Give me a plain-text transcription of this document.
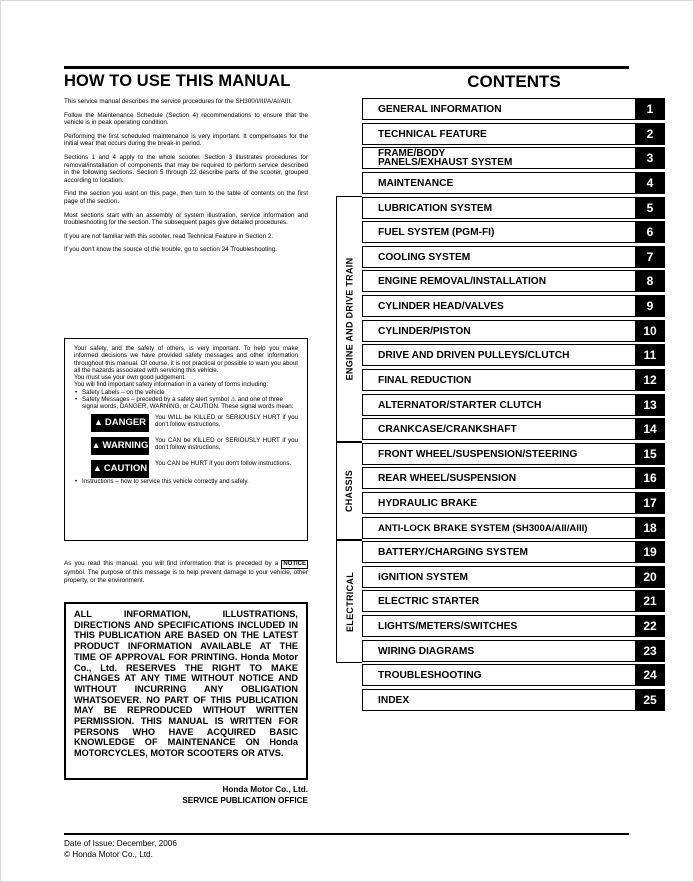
HOW TO USE THIS MANUAL

This service manual describes the service procedures for the SH300/I/III/A/AI/AIII.

Follow the Maintenance Schedule (Section 4) recommendations to ensure that the vehicle is in peak operating condition.

Performing the first scheduled maintenance is very important. It compensates for the initial wear that occurs during the break-in period.

Sections 1 and 4 apply to the whole scooter. Section 3 illustrates procedures for removal/installation of components that may be required to perform service described in the following sections. Section 5 through 22 describe parts of the scooter, grouped according to location.

Find the section you want on this page, then turn to the table of contents on the first page of the section.

Most sections start with an assembly or system illustration, service information and troubleshooting for the section. The subsequent pages give detailed procedures.

If you are not familiar with this scooter, read Technical Feature in Section 2.

If you don't know the source of the trouble, go to section 24 Troubleshooting.

Your safety, and the safety of others, is very important. To help you make informed decisions we have provided safety messages and other information throughout this manual. Of course, it is not practical or possible to warn you about all the hazards associated with servicing this vehicle.

You must use your own good judgement.

You will find important safety information in a variety of forms including:

• Safety Labels – on the vehicle
• Safety Messages – preceded by a safety alert symbol ⚠ and one of three signal words, DANGER, WARNING, or CAUTION. These signal words mean:
▲ DANGER You WILL be KILLED or SERIOUSLY HURT if you don't follow instructions.
▲ WARNING You CAN be KILLED or SERIOUSLY HURT if you don't follow instructions.
▲ CAUTION You CAN be HURT if you don't follow instructions.
• Instructions – how to service this vehicle correctly and safely.
As you read this manual, you will find information that is preceded by a NOTICE symbol. The purpose of this message is to help prevent damage to your vehicle, other property, or the environment.
ALL INFORMATION, ILLUSTRATIONS, DIRECTIONS AND SPECIFICATIONS INCLUDED IN THIS PUBLICATION ARE BASED ON THE LATEST PRODUCT INFORMATION AVAILABLE AT THE TIME OF APPROVAL FOR PRINTING. Honda Motor Co., Ltd. RESERVES THE RIGHT TO MAKE CHANGES AT ANY TIME WITHOUT NOTICE AND WITHOUT INCURRING ANY OBLIGATION WHATSOEVER. NO PART OF THIS PUBLICATION MAY BE REPRODUCED WITHOUT WRITTEN PERMISSION. THIS MANUAL IS WRITTEN FOR PERSONS WHO HAVE ACQUIRED BASIC KNOWLEDGE OF MAINTENANCE ON Honda MOTORCYCLES, MOTOR SCOOTERS OR ATVS.
Honda Motor Co., Ltd.
SERVICE PUBLICATION OFFICE
Date of Issue: December, 2006
© Honda Motor Co., Ltd.
CONTENTS
ENGINE AND DRIVE TRAIN
CHASSIS
ELECTRICAL
GENERAL INFORMATION	1
TECHNICAL FEATURE	2
FRAME/BODY PANELS/EXHAUST SYSTEM	3
MAINTENANCE	4
LUBRICATION SYSTEM	5
FUEL SYSTEM (PGM-FI)	6
COOLING SYSTEM	7
ENGINE REMOVAL/INSTALLATION	8
CYLINDER HEAD/VALVES	9
CYLINDER/PISTON	10
DRIVE AND DRIVEN PULLEYS/CLUTCH	11
FINAL REDUCTION	12
ALTERNATOR/STARTER CLUTCH	13
CRANKCASE/CRANKSHAFT	14
FRONT WHEEL/SUSPENSION/STEERING	15
REAR WHEEL/SUSPENSION	16
HYDRAULIC BRAKE	17
ANTI-LOCK BRAKE SYSTEM (SH300A/AII/AIII)	18
BATTERY/CHARGING SYSTEM	19
IGNITION SYSTEM	20
ELECTRIC STARTER	21
LIGHTS/METERS/SWITCHES	22
WIRING DIAGRAMS	23
TROUBLESHOOTING	24
INDEX	25
